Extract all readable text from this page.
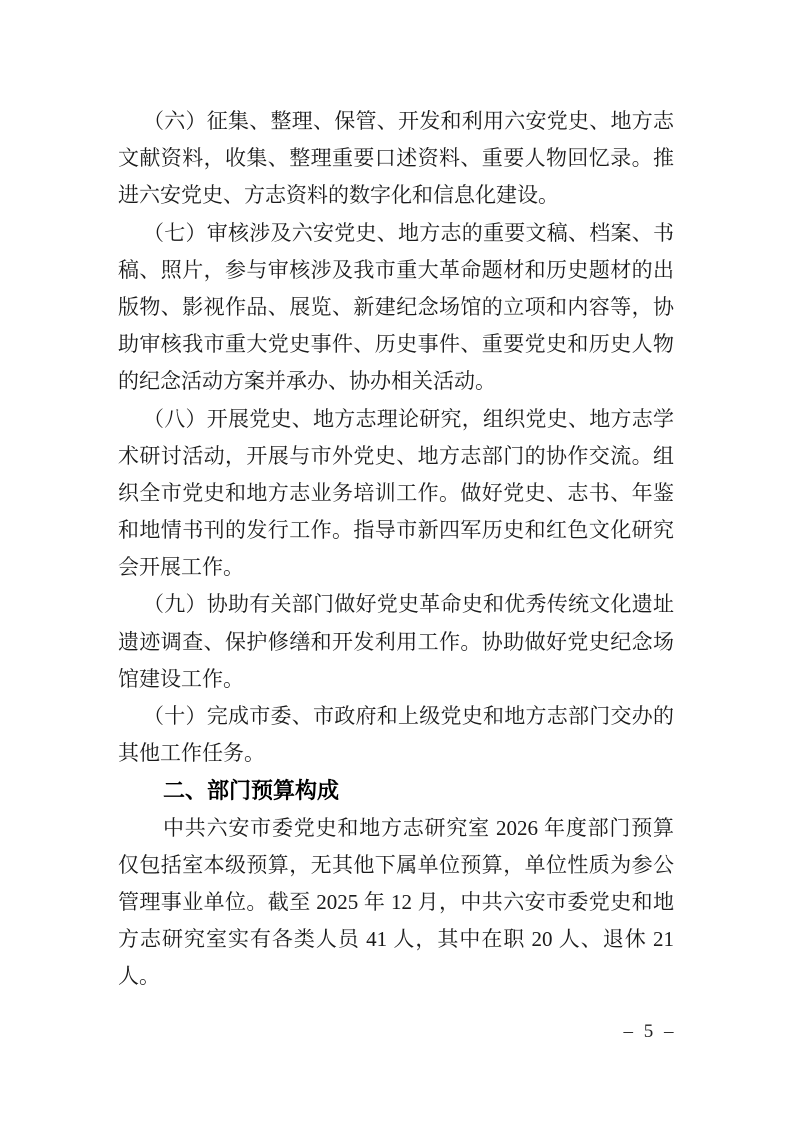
（六）征集、整理、保管、开发和利用六安党史、地方志
文献资料，收集、整理重要口述资料、重要人物回忆录。推
进六安党史、方志资料的数字化和信息化建设。
（七）审核涉及六安党史、地方志的重要文稿、档案、书
稿、照片，参与审核涉及我市重大革命题材和历史题材的出
版物、影视作品、展览、新建纪念场馆的立项和内容等，协
助审核我市重大党史事件、历史事件、重要党史和历史人物
的纪念活动方案并承办、协办相关活动。
（八）开展党史、地方志理论研究，组织党史、地方志学
术研讨活动，开展与市外党史、地方志部门的协作交流。组
织全市党史和地方志业务培训工作。做好党史、志书、年鉴
和地情书刊的发行工作。指导市新四军历史和红色文化研究
会开展工作。
（九）协助有关部门做好党史革命史和优秀传统文化遗址
遗迹调查、保护修缮和开发利用工作。协助做好党史纪念场
馆建设工作。
（十）完成市委、市政府和上级党史和地方志部门交办的
其他工作任务。
二、部门预算构成
中共六安市委党史和地方志研究室 2026 年度部门预算
仅包括室本级预算，无其他下属单位预算，单位性质为参公
管理事业单位。截至 2025 年 12 月，中共六安市委党史和地
方志研究室实有各类人员 41 人，其中在职 20 人、退休 21
人。
– 5 –
